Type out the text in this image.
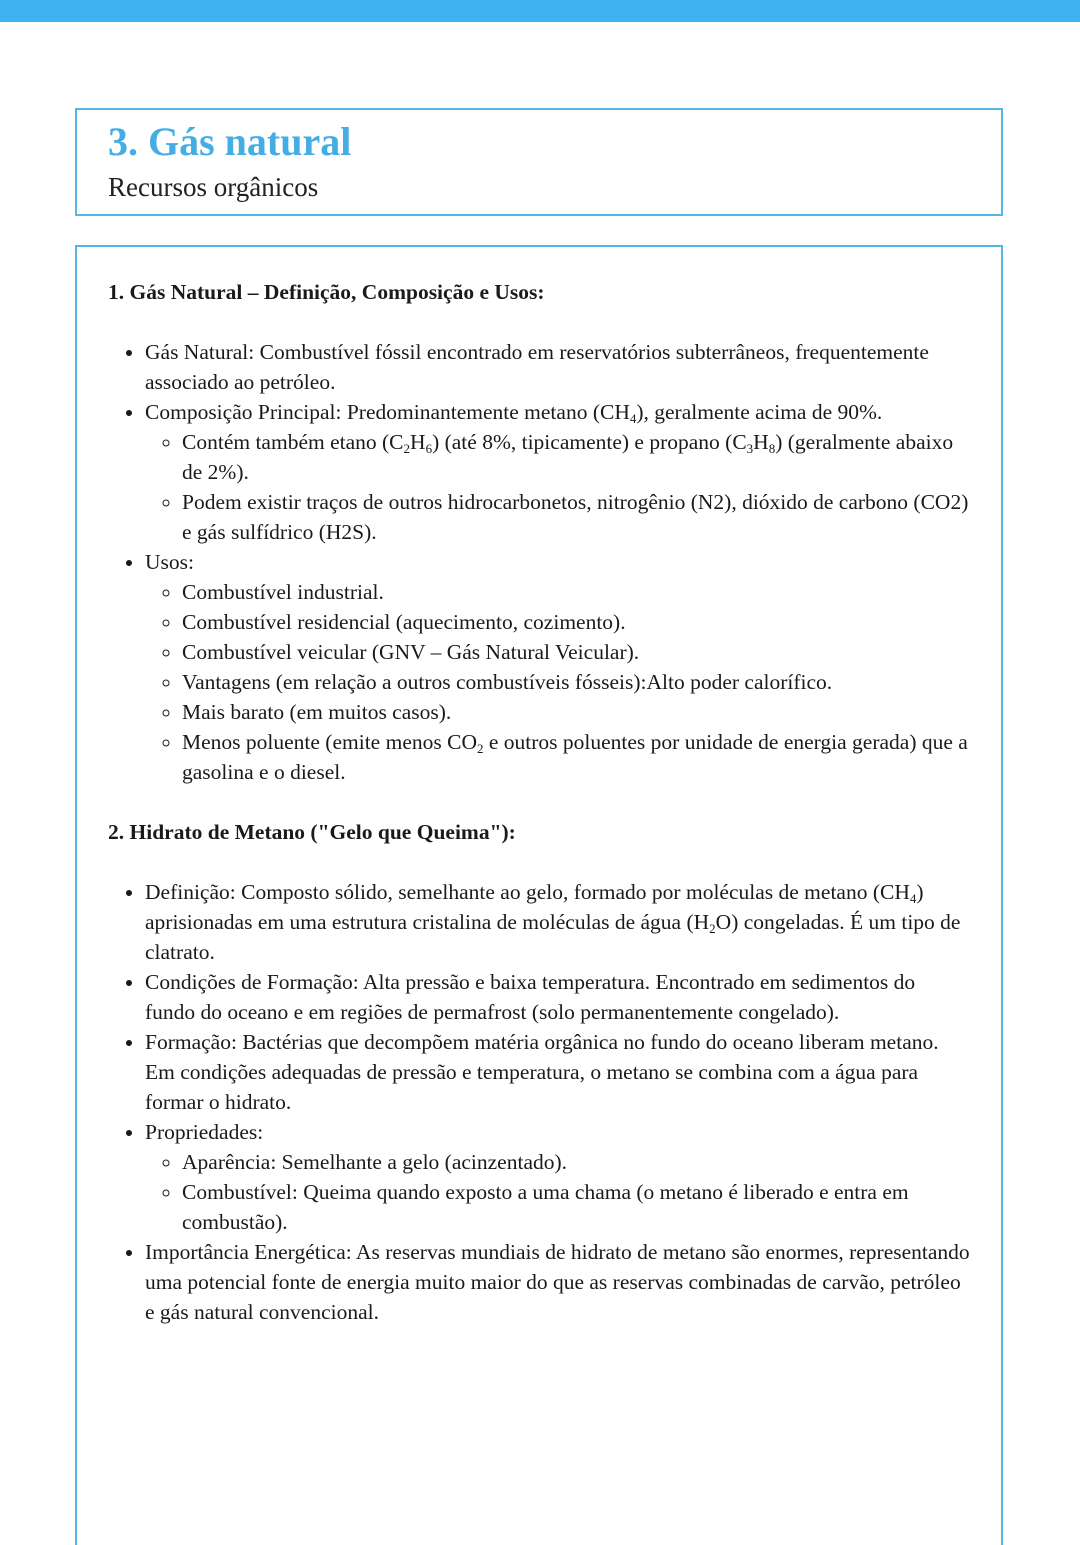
3. Gás natural
Recursos orgânicos

1. Gás Natural – Definição, Composição e Usos:

• Gás Natural: Combustível fóssil encontrado em reservatórios subterrâneos, frequentemente associado ao petróleo.
• Composição Principal: Predominantemente metano $(CH_4)$, geralmente acima de 90%.
◦ Contém também etano $(C_2H_6)$ (até 8%, tipicamente) e propano $(C_3H_8)$ (geralmente abaixo de 2%).
◦ Podem existir traços de outros hidrocarbonetos, nitrogênio (N2), dióxido de carbono (CO2) e gás sulfídrico (H2S).
• Usos:
◦ Combustível industrial.
◦ Combustível residencial (aquecimento, cozimento).
◦ Combustível veicular (GNV – Gás Natural Veicular).
◦ Vantagens (em relação a outros combustíveis fósseis):Alto poder calorífico.
◦ Mais barato (em muitos casos).
◦ Menos poluente (emite menos $CO_2$ e outros poluentes por unidade de energia gerada) que a gasolina e o diesel.

2. Hidrato de Metano ("Gelo que Queima"):

• Definição: Composto sólido, semelhante ao gelo, formado por moléculas de metano $(CH_4)$ aprisionadas em uma estrutura cristalina de moléculas de água $(H_2O)$ congeladas. É um tipo de clatrato.
• Condições de Formação: Alta pressão e baixa temperatura. Encontrado em sedimentos do fundo do oceano e em regiões de permafrost (solo permanentemente congelado).
• Formação: Bactérias que decompõem matéria orgânica no fundo do oceano liberam metano. Em condições adequadas de pressão e temperatura, o metano se combina com a água para formar o hidrato.
• Propriedades:
◦ Aparência: Semelhante a gelo (acinzentado).
◦ Combustível: Queima quando exposto a uma chama (o metano é liberado e entra em combustão).
• Importância Energética: As reservas mundiais de hidrato de metano são enormes, representando uma potencial fonte de energia muito maior do que as reservas combinadas de carvão, petróleo e gás natural convencional.
